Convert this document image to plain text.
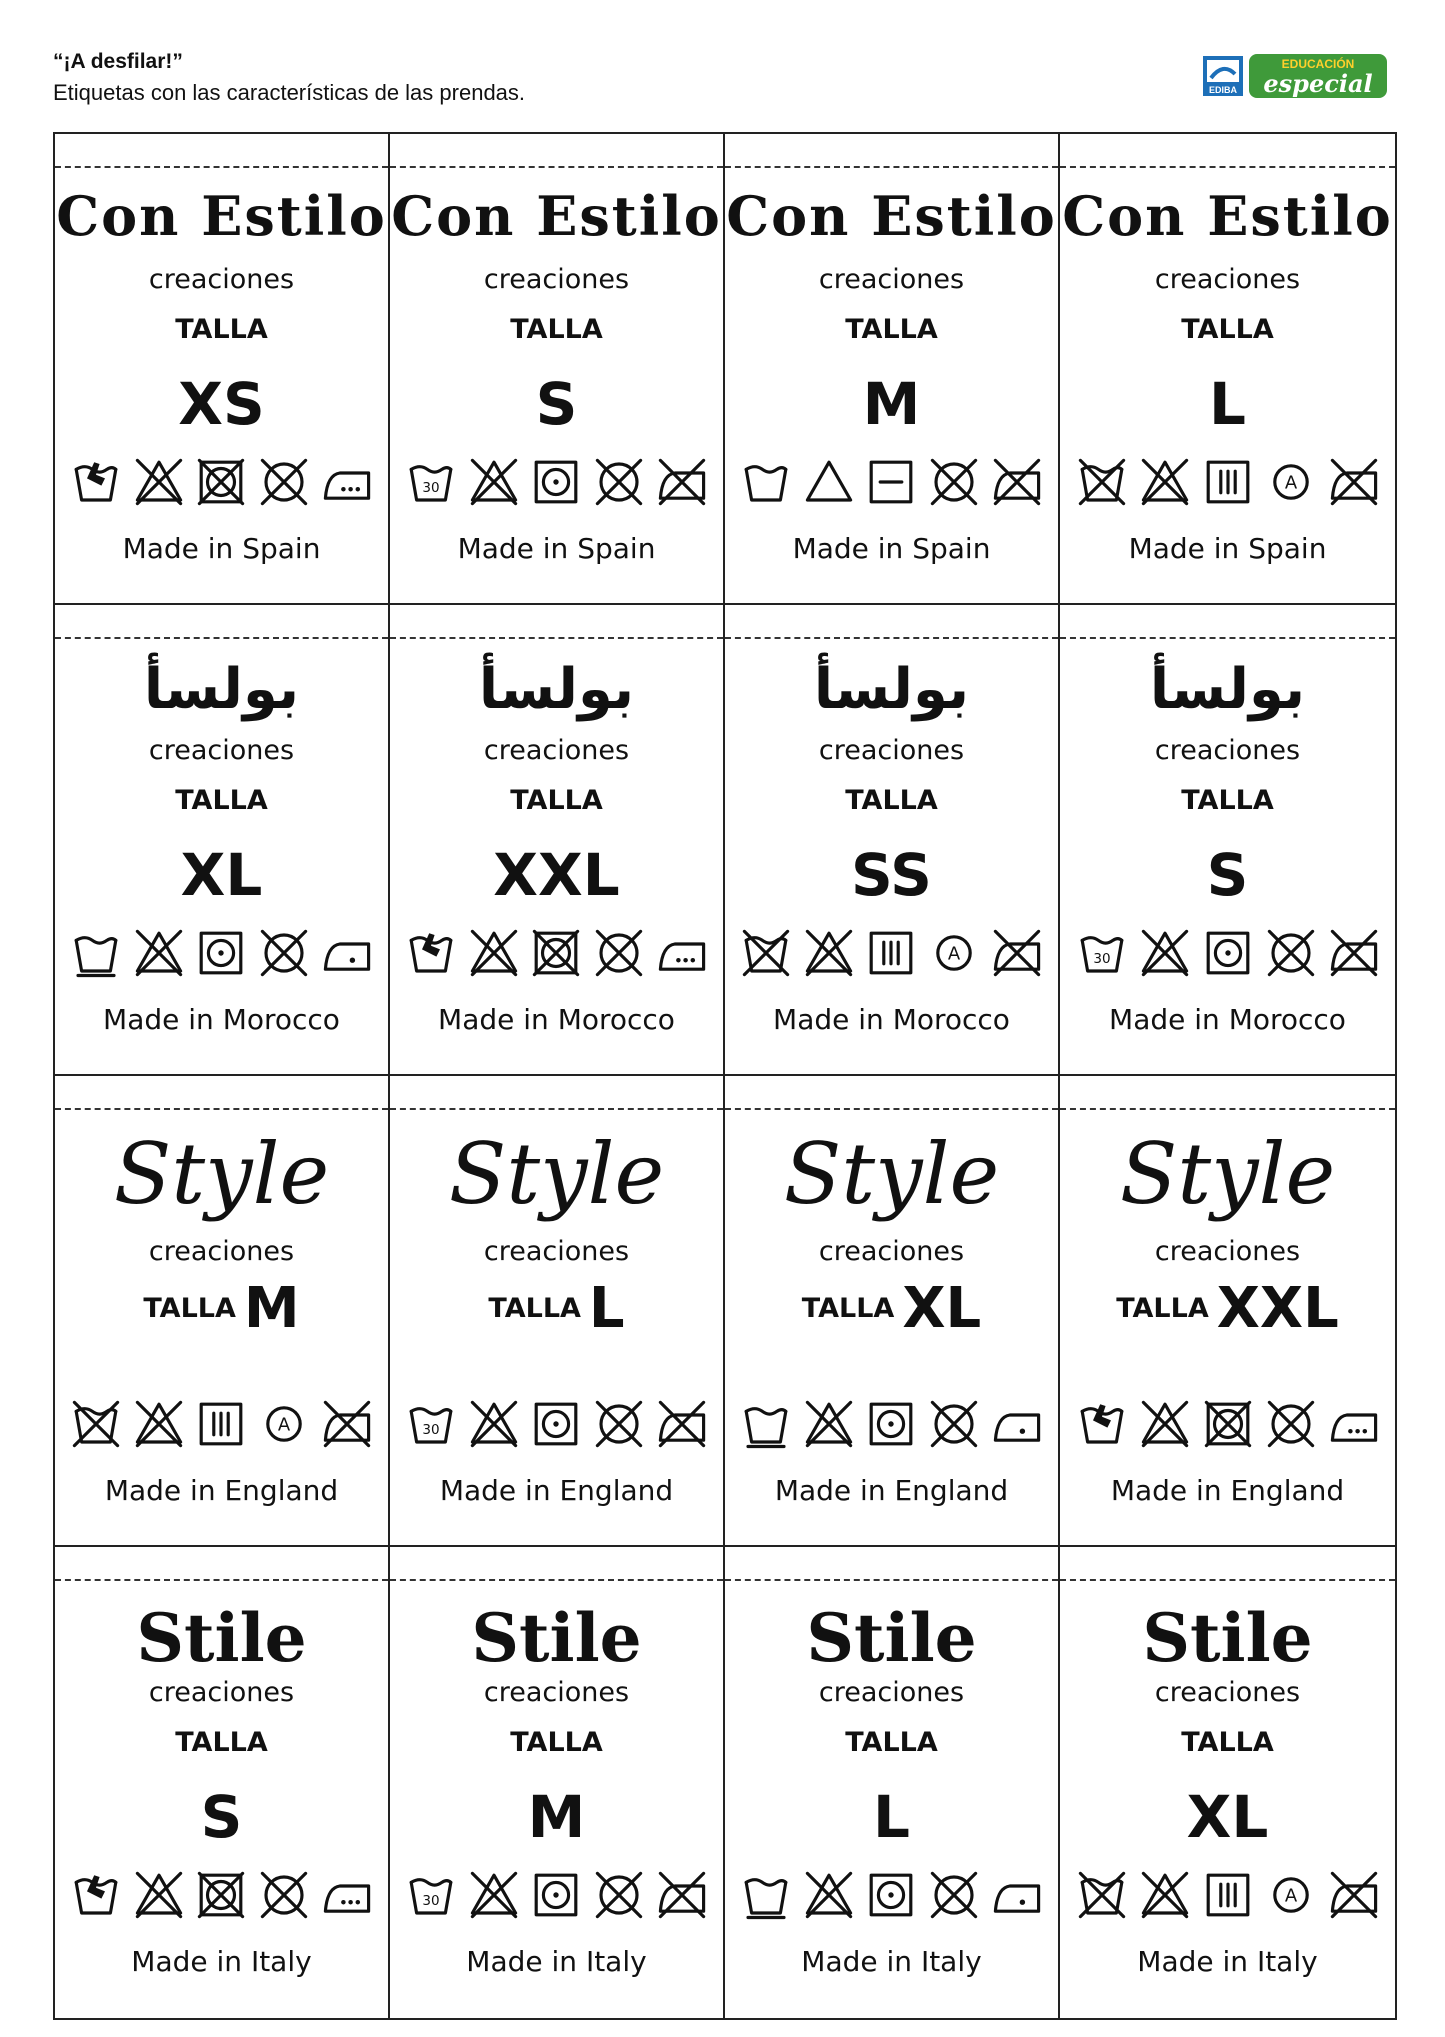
“¡A desfilar!”
Etiquetas con las características de las prendas.	EDIBA
EDUCACIÓN
especial
Con Estilo
creaciones
TALLA
XS
Made in Spain
Con Estilo
creaciones
TALLA
S
30
Made in Spain
Con Estilo
creaciones
TALLA
M
Made in Spain
Con Estilo
creaciones
TALLA
L
A
Made in Spain
بولسأ
creaciones
TALLA
XL
Made in Morocco
بولسأ
creaciones
TALLA
XXL
Made in Morocco
بولسأ
creaciones
TALLA
SS
A
Made in Morocco
بولسأ
creaciones
TALLA
S
30
Made in Morocco
Style
creaciones
TALLA M
A
Made in England
Style
creaciones
TALLA L
30
Made in England
Style
creaciones
TALLA XL
Made in England
Style
creaciones
TALLA XXL
Made in England
Stile
creaciones
TALLA
S
Made in Italy
Stile
creaciones
TALLA
M
30
Made in Italy
Stile
creaciones
TALLA
L
Made in Italy
Stile
creaciones
TALLA
XL
A
Made in Italy
